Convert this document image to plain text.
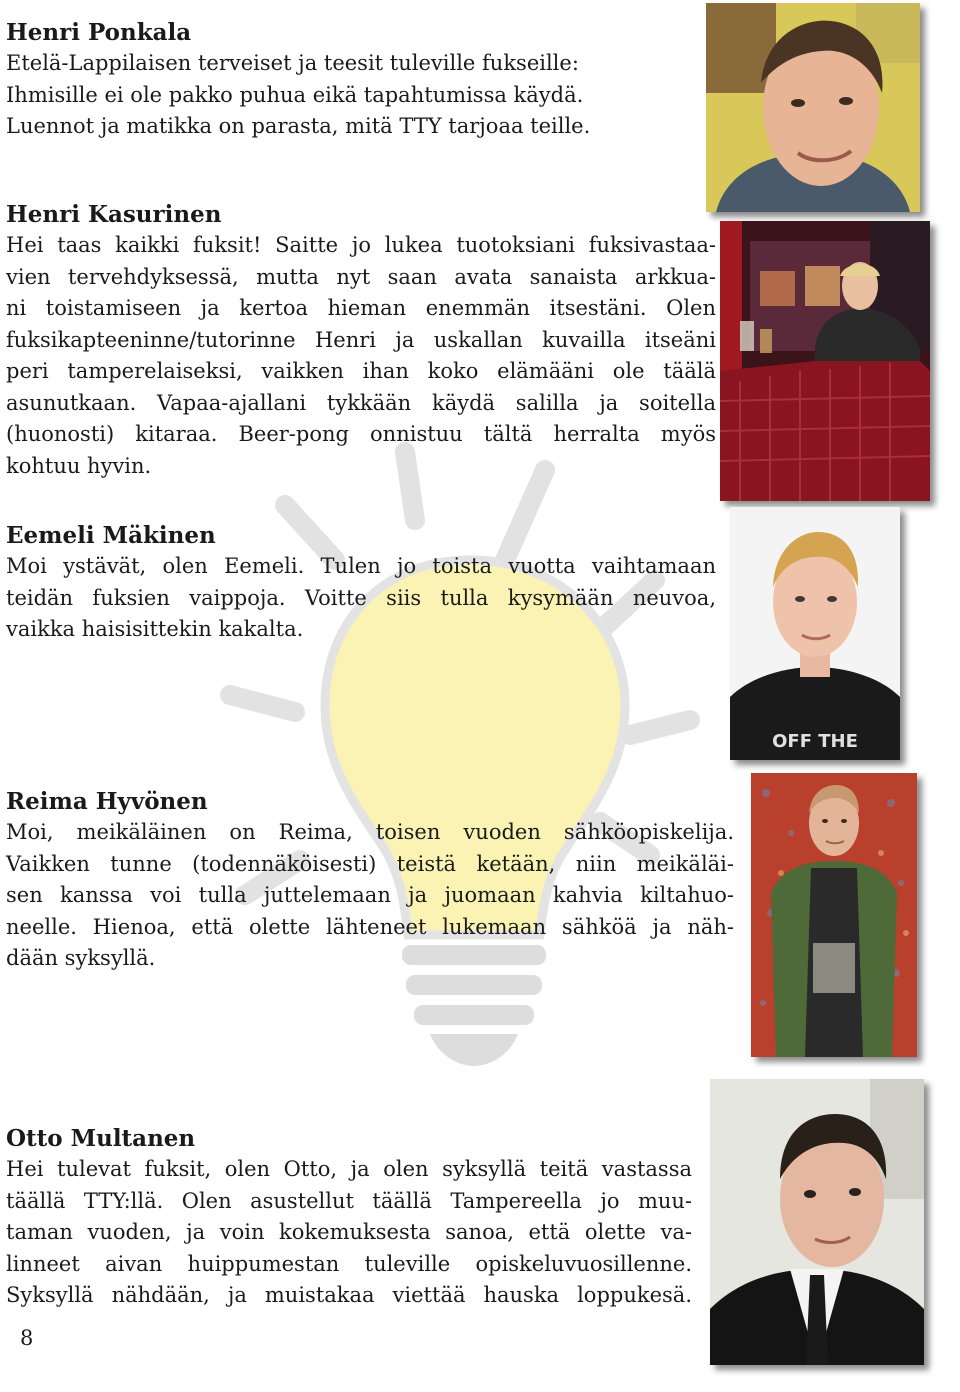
Henri Ponkala

Etelä-Lappilaisen terveiset ja teesit tuleville fukseille:

Ihmisille ei ole pakko puhua eikä tapahtumissa käydä.

Luennot ja matikka on parasta, mitä TTY tarjoaa teille.

Henri Kasurinen

Hei taas kaikki fuksit! Saitte jo lukea tuotoksiani fuksivastaa-

vien tervehdyksessä, mutta nyt saan avata sanaista arkkua-

ni toistamiseen ja kertoa hieman enemmän itsestäni. Olen

fuksikapteeninne/tutorinne Henri ja uskallan kuvailla itseäni

peri tamperelaiseksi, vaikken ihan koko elämääni ole täälä

asunutkaan. Vapaa-ajallani tykkään käydä salilla ja soitella

(huonosti) kitaraa. Beer-pong onnistuu tältä herralta myös

kohtuu hyvin.

Eemeli Mäkinen

Moi ystävät, olen Eemeli. Tulen jo toista vuotta vaihtamaan

teidän fuksien vaippoja. Voitte siis tulla kysymään neuvoa,

vaikka haisisittekin kakalta.

Reima Hyvönen

Moi, meikäläinen on Reima, toisen vuoden sähköopiskelija.

Vaikken tunne (todennäköisesti) teistä ketään, niin meikäläi-

sen kanssa voi tulla juttelemaan ja juomaan kahvia kiltahuo-

neelle. Hienoa, että olette lähteneet lukemaan sähköä ja näh-

dään syksyllä.

Otto Multanen

Hei tulevat fuksit, olen Otto, ja olen syksyllä teitä vastassa

täällä TTY:llä. Olen asustellut täällä Tampereella jo muu-

taman vuoden, ja voin kokemuksesta sanoa, että olette va-

linneet aivan huippumestan tuleville opiskeluvuosillenne.

Syksyllä nähdään, ja muistakaa viettää hauska loppukesä.

8
OFF THE
